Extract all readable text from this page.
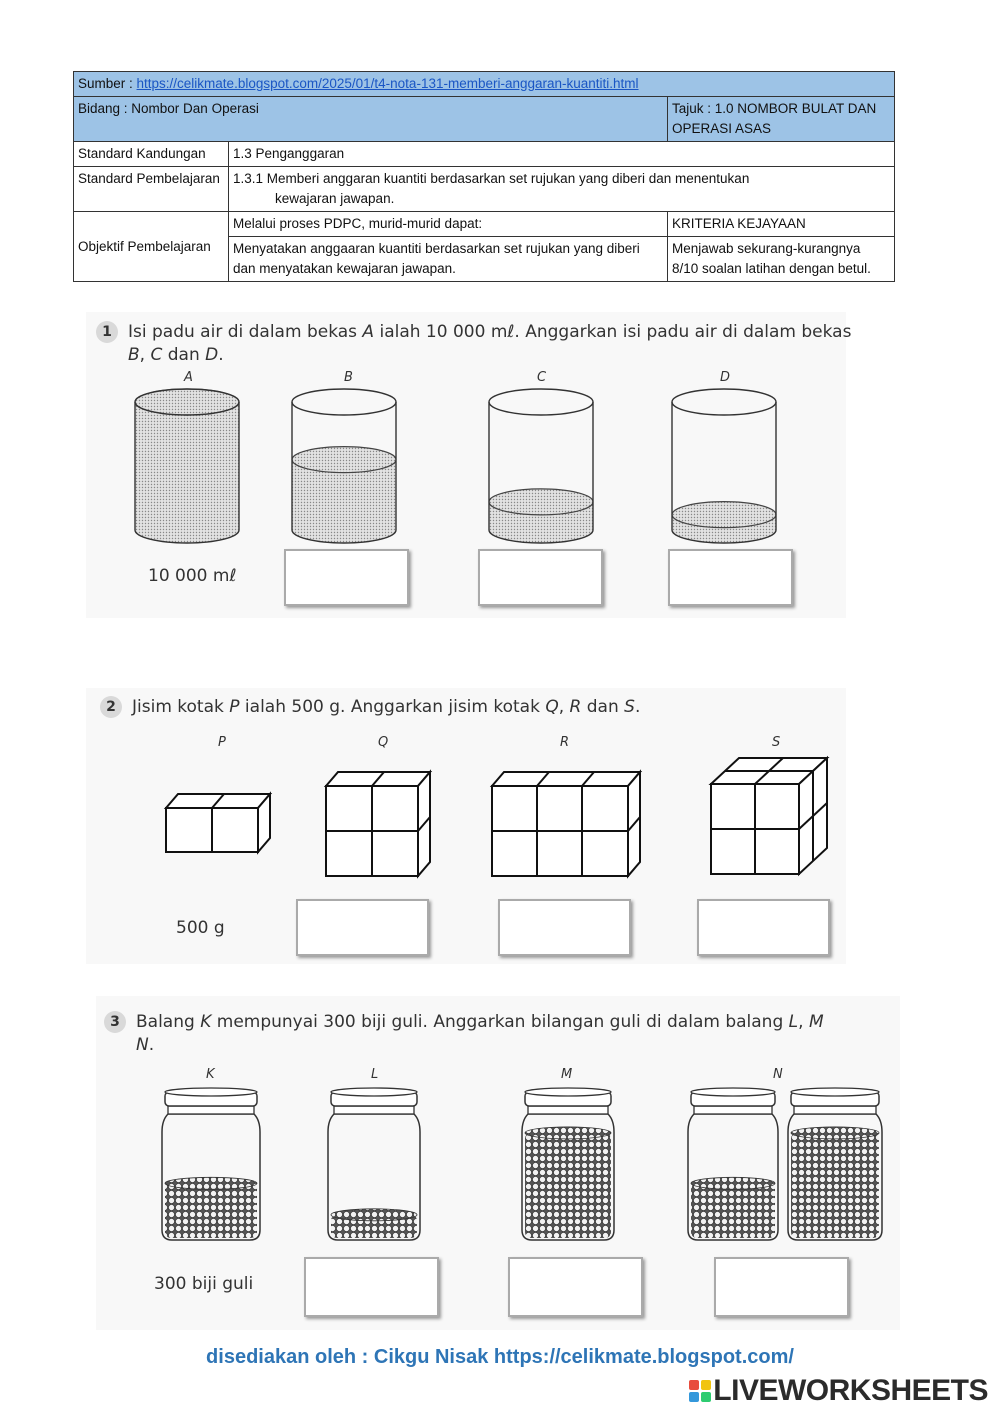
Sumber : https://celikmate.blogspot.com/2025/01/t4-nota-131-memberi-anggaran-kuantiti.html		
Bidang : Nombor Dan Operasi		Tajuk : 1.0 NOMBOR BULAT DAN OPERASI ASAS
Standard Kandungan	1.3 Penganggaran	
Standard Pembelajaran	1.3.1 Memberi anggaran kuantiti berdasarkan set rujukan yang diberi dan menentukan
kewajaran jawapan.	

Objektif Pembelajaran	Melalui proses PDPC, murid-murid dapat:	KRITERIA KEJAYAAN
	Menyatakan anggaaran kuantiti berdasarkan set rujukan yang diberi dan menyatakan kewajaran jawapan.	Menjawab sekurang-kurangnya 8/10 soalan latihan dengan betul.
1 Isi padu air di dalam bekas A ialah 10 000 mℓ. Anggarkan isi padu air di dalam bekas
B, C dan D.
A	B	C	D
10 000 mℓ
2 Jisim kotak P ialah 500 g. Anggarkan jisim kotak Q, R dan S.
P	Q	R	S
500 g
3 Balang K mempunyai 300 biji guli. Anggarkan bilangan guli di dalam balang L, M
N.
K	L	M	N
300 biji guli
disediakan oleh : Cikgu Nisak https://celikmate.blogspot.com/
LIVEWORKSHEETS
